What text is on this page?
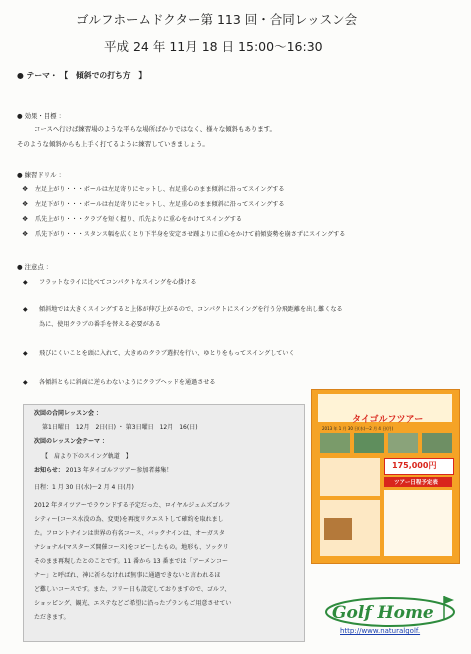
ゴルフホームドクター第 113 回・合同レッスン会
平成 24 年 11月 18 日 15:00〜16:30
● テーマ・ 【　傾斜での打ち方　】
● 効果・目標 ：
コースへ行けば練習場のような平らな場所ばかりではなく、様々な傾斜もあります。
そのような傾斜からも上手く打てるように練習していきましょう。
● 練習ドリル ：
❖ 左足上がり・・・ボールは左足寄りにセットし、右足重心のまま傾斜に沿ってスイングする
❖ 左足下がり・・・ボールは右足寄りにセットし、左足重心のまま傾斜に沿ってスイングする
❖ 爪先上がり・・・クラブを短く握り、爪先よりに重心をかけてスイングする
❖ 爪先下がり・・・スタンス幅を広くとり下半身を安定させ踵よりに重心をかけて前傾姿勢を崩さずにスイングする
● 注意点 ：
◆ フラットなライに比べてコンパクトなスイングを心掛ける
◆ 傾斜地では大きくスイングすると上体が伸び上がるので、コンパクトにスイングを行う分飛距離を出し難くなる
為に、使用クラブの番手を替える必要がある
◆ 飛びにくいことを頭に入れて、大きめのクラブ選択を行い、ゆとりをもってスイングしていく
◆ 各傾斜ともに斜面に逆らわないようにクラブヘッドを通過させる
次回の合同レッスン会 ：
第1日曜日　12月　2日(日) ・ 第3日曜日　12月　16(日)
次回のレッスン会テーマ ：
【　肩より下のスイング軌道　】
お知らせ： 2013 年タイゴルフツアー参加者募集！
日程：1 月 30 日(水)〜2 月 4 日(月)
2012 年タイツアーでラウンドする予定だった、ロイヤルジェムズゴルフ
シティー(コース水没の為、変更)を再度リクエストして確約を取れまし
た。フロントナインは世界の有名コース、バックナインは、オーガスタ
ナショナル(マスターズ開催コース)をコピーしたもの。地形も、ソックリ
そのまま再現したとのことです。11 番から 13 番までは「アーメンコー
ナー」と呼ばれ、神に祈らなければ無事に通過できないと言われるほ
ど難しいコースです。また、フリー日も設定しておりますので、ゴルフ、
ショッピング、観光、エステなどご希望に沿ったプランもご用意させてい
ただきます。
タイゴルフツアー
2013 年 1 月 30 日(水)〜2 月 4 日(月)
175,000円
ツアー日程予定表
Golf Home
http://www.naturalgolf.
